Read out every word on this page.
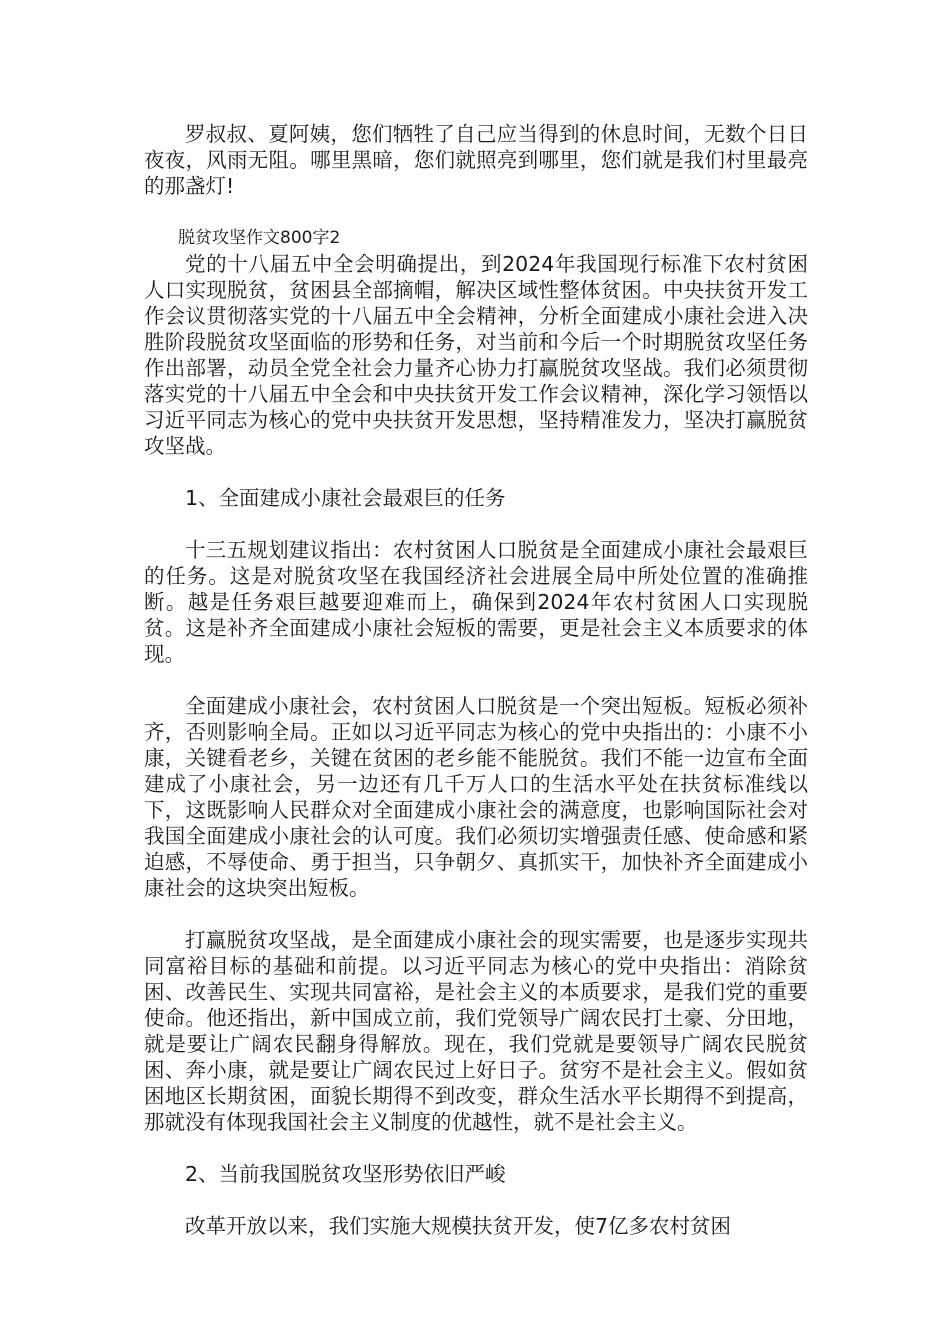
罗叔叔、夏阿姨，您们牺牲了自己应当得到的休息时间，无数个日日夜夜，风雨无阻。哪里黑暗，您们就照亮到哪里，您们就是我们村里最亮的那盏灯!

脱贫攻坚作文800字2

党的十八届五中全会明确提出，到2024年我国现行标准下农村贫困人口实现脱贫，贫困县全部摘帽，解决区域性整体贫困。中央扶贫开发工作会议贯彻落实党的十八届五中全会精神，分析全面建成小康社会进入决胜阶段脱贫攻坚面临的形势和任务，对当前和今后一个时期脱贫攻坚任务作出部署，动员全党全社会力量齐心协力打赢脱贫攻坚战。我们必须贯彻落实党的十八届五中全会和中央扶贫开发工作会议精神，深化学习领悟以习近平同志为核心的党中央扶贫开发思想，坚持精准发力，坚决打赢脱贫攻坚战。

1、全面建成小康社会最艰巨的任务

十三五规划建议指出：农村贫困人口脱贫是全面建成小康社会最艰巨的任务。这是对脱贫攻坚在我国经济社会进展全局中所处位置的准确推断。越是任务艰巨越要迎难而上，确保到2024年农村贫困人口实现脱贫。这是补齐全面建成小康社会短板的需要，更是社会主义本质要求的体现。

全面建成小康社会，农村贫困人口脱贫是一个突出短板。短板必须补齐，否则影响全局。正如以习近平同志为核心的党中央指出的：小康不小康，关键看老乡，关键在贫困的老乡能不能脱贫。我们不能一边宣布全面建成了小康社会，另一边还有几千万人口的生活水平处在扶贫标准线以下，这既影响人民群众对全面建成小康社会的满意度，也影响国际社会对我国全面建成小康社会的认可度。我们必须切实增强责任感、使命感和紧迫感，不辱使命、勇于担当，只争朝夕、真抓实干，加快补齐全面建成小康社会的这块突出短板。

打赢脱贫攻坚战，是全面建成小康社会的现实需要，也是逐步实现共同富裕目标的基础和前提。以习近平同志为核心的党中央指出：消除贫困、改善民生、实现共同富裕，是社会主义的本质要求，是我们党的重要使命。他还指出，新中国成立前，我们党领导广阔农民打土豪、分田地，就是要让广阔农民翻身得解放。现在，我们党就是要领导广阔农民脱贫困、奔小康，就是要让广阔农民过上好日子。贫穷不是社会主义。假如贫困地区长期贫困，面貌长期得不到改变，群众生活水平长期得不到提高，那就没有体现我国社会主义制度的优越性，就不是社会主义。

2、当前我国脱贫攻坚形势依旧严峻

改革开放以来，我们实施大规模扶贫开发，使7亿多农村贫困
